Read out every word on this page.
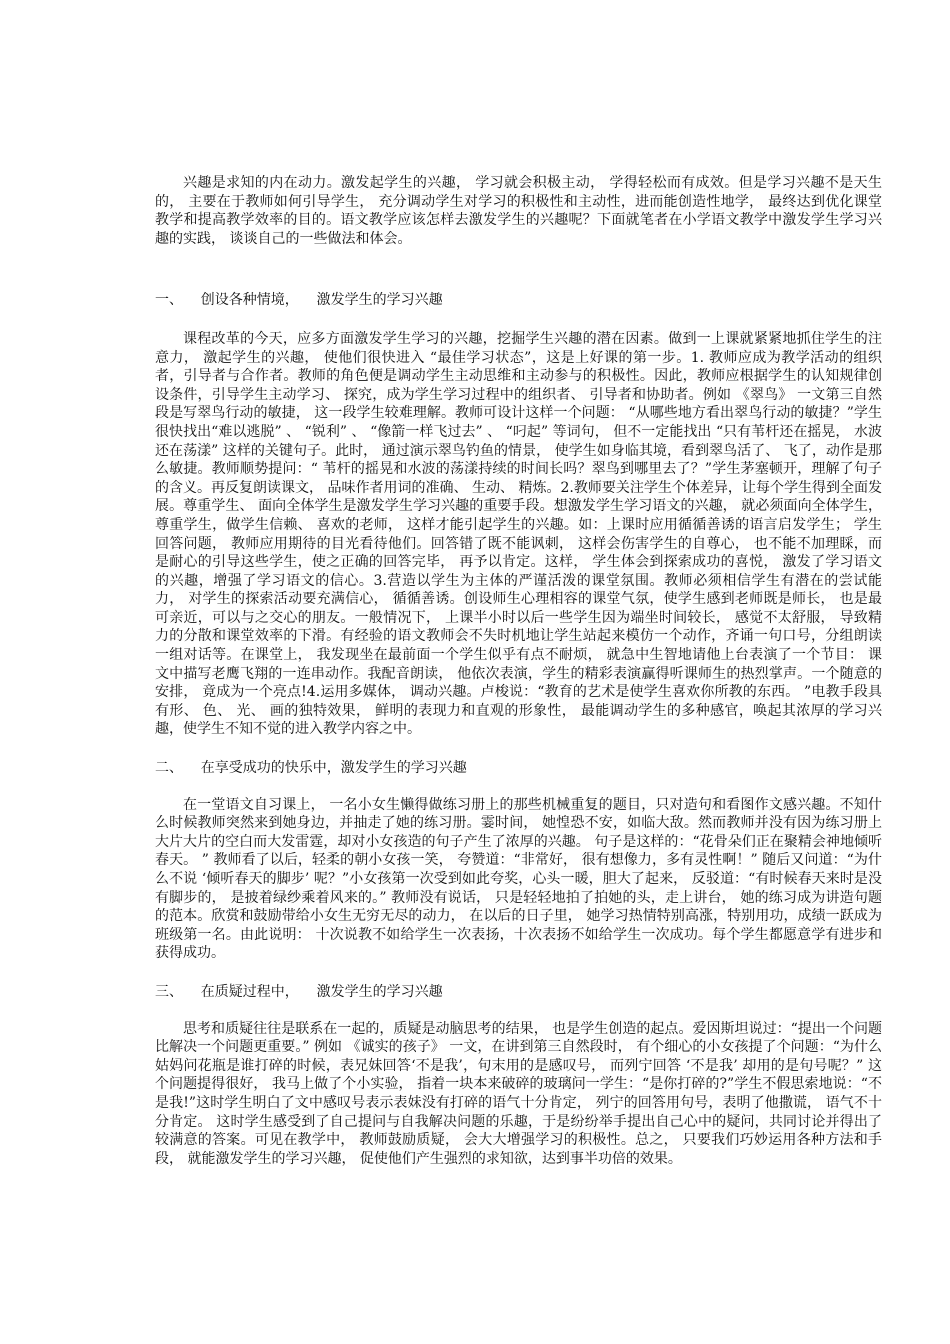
兴趣是求知的内在动力。激发起学生的兴趣， 学习就会积极主动， 学得轻松而有成效。但是学习兴趣不是天生的， 主要在于教师如何引导学生， 充分调动学生对学习的积极性和主动性，进而能创造性地学， 最终达到优化课堂教学和提高教学效率的目的。语文教学应该怎样去激发学生的兴趣呢？下面就笔者在小学语文教学中激发学生学习兴趣的实践， 谈谈自己的一些做法和体会。

一、    创设各种情境，    激发学生的学习兴趣

课程改革的今天，应多方面激发学生学习的兴趣，挖掘学生兴趣的潜在因素。做到一上课就紧紧地抓住学生的注意力， 激起学生的兴趣， 使他们很快进入 “最佳学习状态”，这是上好课的第一步。1. 教师应成为教学活动的组织者，引导者与合作者。教师的角色便是调动学生主动思维和主动参与的积极性。因此，教师应根据学生的认知规律创设条件，引导学生主动学习、 探究，成为学生学习过程中的组织者、 引导者和协助者。例如 《翠鸟》 一文第三自然段是写翠鸟行动的敏捷， 这一段学生较难理解。教师可设计这样一个问题： “从哪些地方看出翠鸟行动的敏捷？”学生很快找出“难以逃脱” 、 “锐利” 、 “像箭一样飞过去” 、 “叼起” 等词句， 但不一定能找出 “只有苇杆还在摇晃， 水波还在荡漾” 这样的关键句子。此时， 通过演示翠鸟钓鱼的情景， 使学生如身临其境，看到翠鸟活了、 飞了，动作是那么敏捷。教师顺势提问：“ 苇杆的摇晃和水波的荡漾持续的时间长吗？翠鸟到哪里去了？”学生茅塞顿开，理解了句子的含义。再反复朗读课文， 品味作者用词的准确、 生动、 精炼。2.教师要关注学生个体差异，让每个学生得到全面发展。尊重学生、 面向全体学生是激发学生学习兴趣的重要手段。想激发学生学习语文的兴趣， 就必须面向全体学生，尊重学生，做学生信赖、 喜欢的老师， 这样才能引起学生的兴趣。如：上课时应用循循善诱的语言启发学生； 学生回答问题， 教师应用期待的目光看待他们。回答错了既不能讽刺， 这样会伤害学生的自尊心， 也不能不加理睬，而是耐心的引导这些学生，使之正确的回答完毕， 再予以肯定。这样， 学生体会到探索成功的喜悦， 激发了学习语文的兴趣，增强了学习语文的信心。3.营造以学生为主体的严谨活泼的课堂氛围。教师必须相信学生有潜在的尝试能力， 对学生的探索活动要充满信心， 循循善诱。创设师生心理相容的课堂气氛，使学生感到老师既是师长， 也是最可亲近，可以与之交心的朋友。一般情况下， 上课半小时以后一些学生因为端坐时间较长， 感觉不太舒服， 导致精力的分散和课堂效率的下滑。有经验的语文教师会不失时机地让学生站起来模仿一个动作，齐诵一句口号，分组朗读一组对话等。在课堂上， 我发现坐在最前面一个学生似乎有点不耐烦， 就急中生智地请他上台表演了一个节目： 课文中描写老鹰飞翔的一连串动作。我配音朗读， 他依次表演，学生的精彩表演赢得听课师生的热烈掌声。一个随意的安排， 竟成为一个亮点!4.运用多媒体， 调动兴趣。卢梭说：“教育的艺术是使学生喜欢你所教的东西。 ”电教手段具有形、 色、 光、 画的独特效果， 鲜明的表现力和直观的形象性， 最能调动学生的多种感官，唤起其浓厚的学习兴趣，使学生不知不觉的进入教学内容之中。

二、    在享受成功的快乐中，激发学生的学习兴趣

在一堂语文自习课上， 一名小女生懒得做练习册上的那些机械重复的题目，只对造句和看图作文感兴趣。不知什么时候教师突然来到她身边，并抽走了她的练习册。霎时间， 她惶恐不安，如临大敌。然而教师并没有因为练习册上大片大片的空白而大发雷霆，却对小女孩造的句子产生了浓厚的兴趣。 句子是这样的：“花骨朵们正在聚精会神地倾听春天。 ” 教师看了以后，轻柔的朝小女孩一笑， 夸赞道：“非常好， 很有想像力，多有灵性啊！” 随后又问道：“为什么不说 ‘倾听春天的脚步’ 呢？”小女孩第一次受到如此夸奖，心头一暖，胆大了起来， 反驳道：“有时候春天来时是没有脚步的， 是披着绿纱乘着风来的。” 教师没有说话， 只是轻轻地拍了拍她的头，走上讲台， 她的练习成为讲造句题的范本。欣赏和鼓励带给小女生无穷无尽的动力， 在以后的日子里， 她学习热情特别高涨，特别用功，成绩一跃成为班级第一名。由此说明： 十次说教不如给学生一次表扬，十次表扬不如给学生一次成功。每个学生都愿意学有进步和获得成功。

三、    在质疑过程中，    激发学生的学习兴趣

思考和质疑往往是联系在一起的，质疑是动脑思考的结果， 也是学生创造的起点。爱因斯坦说过：“提出一个问题比解决一个问题更重要。” 例如 《诚实的孩子》 一文，在讲到第三自然段时， 有个细心的小女孩提了个问题：“为什么姑妈问花瓶是谁打碎的时候，表兄妹回答‘不是我’，句末用的是感叹号， 而列宁回答 ‘不是我’ 却用的是句号呢？” 这个问题提得很好， 我马上做了个小实验， 指着一块本来破碎的玻璃问一学生：“是你打碎的?”学生不假思索地说：“不是我!”这时学生明白了文中感叹号表示表妹没有打碎的语气十分肯定， 列宁的回答用句号，表明了他撒谎， 语气不十分肯定。 这时学生感受到了自己提问与自我解决问题的乐趣，于是纷纷举手提出自己心中的疑问，共同讨论并得出了较满意的答案。可见在教学中， 教师鼓励质疑， 会大大增强学习的积极性。总之， 只要我们巧妙运用各种方法和手段， 就能激发学生的学习兴趣， 促使他们产生强烈的求知欲，达到事半功倍的效果。
